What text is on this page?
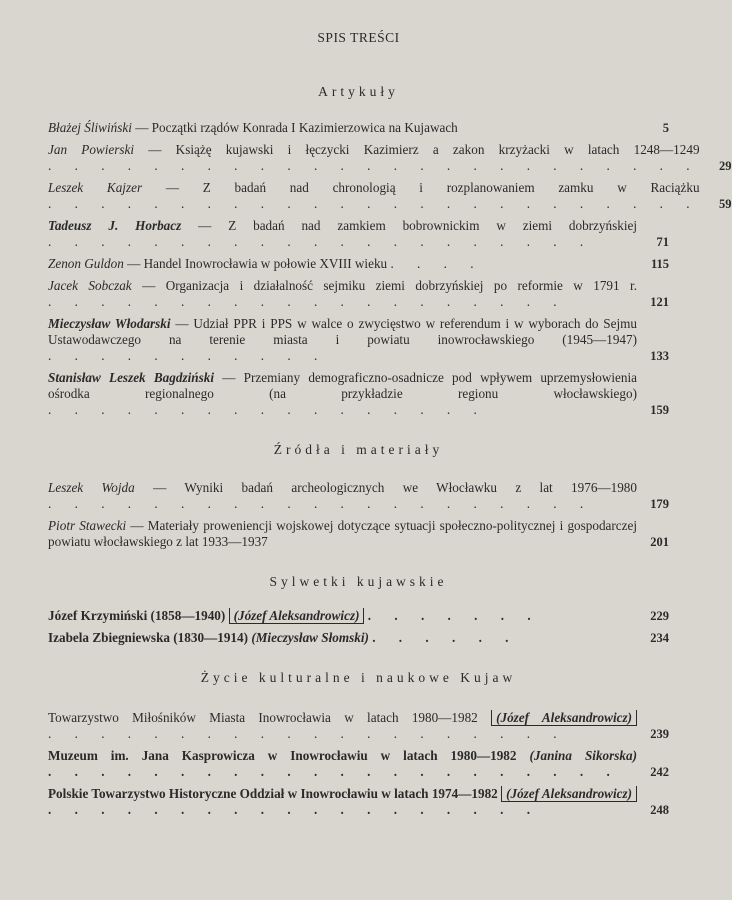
SPIS TREŚCI
Artykuły
Błażej Śliwiński — Początki rządów Konrada I Kazimierzowica na Kujawach	5
Jan Powierski — Książę kujawski i łęczycki Kazimierz a zakon krzyżacki w latach 1248—1249 . . . . . . . . . . . . . . . . . . . . . . . . .	29
Leszek Kajzer — Z badań nad chronologią i rozplanowaniem zamku w Raciążku . . . . . . . . . . . . . . . . . . . . . . . . .	59
Tadeusz J. Horbacz — Z badań nad zamkiem bobrownickim w ziemi dobrzyńskiej . . . . . . . . . . . . . . . . . . . . .	71
Zenon Guldon — Handel Inowrocławia w połowie XVIII wieku . . . .	115
Jacek Sobczak — Organizacja i działalność sejmiku ziemi dobrzyńskiej po reformie w 1791 r. . . . . . . . . . . . . . . . . . . . .	121
Mieczysław Włodarski — Udział PPR i PPS w walce o zwycięstwo w referendum i w wyborach do Sejmu Ustawodawczego na terenie miasta i powiatu inowrocławskiego (1945—1947) . . . . . . . . . . .	133
Stanisław Leszek Bagdziński — Przemiany demograficzno-osadnicze pod wpływem uprzemysłowienia ośrodka regionalnego (na przykładzie regionu włocławskiego) . . . . . . . . . . . . . . . . .	159
Źródła i materiały
Leszek Wojda — Wyniki badań archeologicznych we Włocławku z lat 1976—1980 . . . . . . . . . . . . . . . . . . . . .	179
Piotr Stawecki — Materiały proweniencji wojskowej dotyczące sytuacji społeczno-politycznej i gospodarczej powiatu włocławskiego z lat 1933—1937	201
Sylwetki kujawskie
Józef Krzymiński (1858—1940) (Józef Aleksandrowicz) . . . . . . .	229
Izabela Zbiegniewska (1830—1914) (Mieczysław Słomski) . . . . . .	234
Życie kulturalne i naukowe Kujaw
Towarzystwo Miłośników Miasta Inowrocławia w latach 1980—1982 (Józef Aleksandrowicz) . . . . . . . . . . . . . . . . . . . .	239
Muzeum im. Jana Kasprowicza w Inowrocławiu w latach 1980—1982 (Janina Sikorska) . . . . . . . . . . . . . . . . . . . . . .	242
Polskie Towarzystwo Historyczne Oddział w Inowrocławiu w latach 1974—1982 (Józef Aleksandrowicz) . . . . . . . . . . . . . . . . . . .	248
